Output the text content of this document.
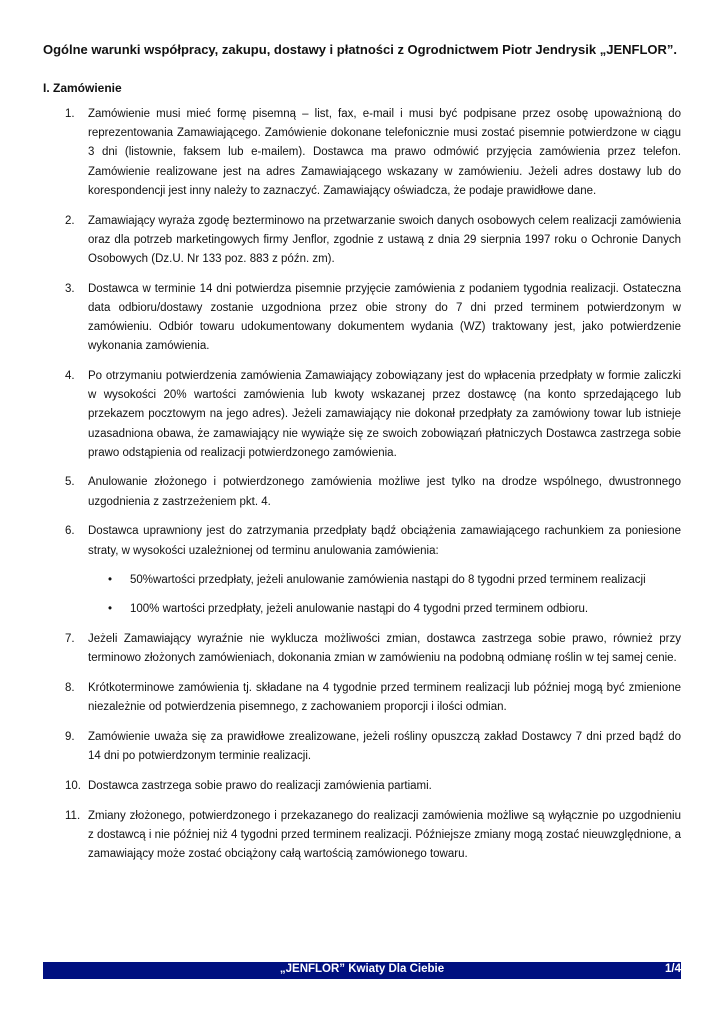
Ogólne warunki współpracy, zakupu, dostawy i płatności z Ogrodnictwem Piotr Jendrysik „JENFLOR”.
I. Zamówienie
1.	Zamówienie musi mieć formę pisemną – list, fax, e-mail i musi być podpisane przez osobę upoważnioną do reprezentowania Zamawiającego. Zamówienie dokonane telefonicznie musi zostać pisemnie potwierdzone w ciągu 3 dni (listownie, faksem lub e-mailem). Dostawca ma prawo odmówić przyjęcia zamówienia przez telefon. Zamówienie realizowane jest na adres Zamawiającego wskazany w zamówieniu. Jeżeli adres dostawy lub do korespondencji jest inny należy to zaznaczyć. Zamawiający oświadcza, że podaje prawidłowe dane.
2.	Zamawiający wyraża zgodę bezterminowo na przetwarzanie swoich danych osobowych celem realizacji zamówienia oraz dla potrzeb marketingowych firmy Jenflor, zgodnie z ustawą z dnia 29 sierpnia 1997 roku o Ochronie Danych Osobowych (Dz.U. Nr 133 poz. 883 z późn. zm).
3.	Dostawca w terminie 14 dni potwierdza pisemnie przyjęcie zamówienia z podaniem tygodnia realizacji. Ostateczna data odbioru/dostawy zostanie uzgodniona przez obie strony do 7 dni przed terminem potwierdzonym w zamówieniu. Odbiór towaru udokumentowany dokumentem wydania (WZ) traktowany jest, jako potwierdzenie wykonania zamówienia.
4.	Po otrzymaniu potwierdzenia zamówienia Zamawiający zobowiązany jest do wpłacenia przedpłaty w formie zaliczki w wysokości 20% wartości zamówienia lub kwoty wskazanej przez dostawcę (na konto sprzedającego lub przekazem pocztowym na jego adres). Jeżeli zamawiający nie dokonał przedpłaty za zamówiony towar lub istnieje uzasadniona obawa, że zamawiający nie wywiąże się ze swoich zobowiązań płatniczych Dostawca zastrzega sobie prawo odstąpienia od realizacji potwierdzonego zamówienia.
5.	Anulowanie złożonego i potwierdzonego zamówienia możliwe jest tylko na drodze wspólnego, dwustronnego uzgodnienia z zastrzeżeniem pkt. 4.
6.	Dostawca uprawniony jest do zatrzymania przedpłaty bądź obciążenia zamawiającego rachunkiem za poniesione straty, w wysokości uzależnionej od terminu anulowania zamówienia:
• 50%wartości przedpłaty, jeżeli anulowanie zamówienia nastąpi do 8 tygodni przed terminem realizacji
• 100% wartości przedpłaty, jeżeli anulowanie nastąpi do 4 tygodni przed terminem odbioru.
7.	Jeżeli Zamawiający wyraźnie nie wyklucza możliwości zmian, dostawca zastrzega sobie prawo, również przy terminowo złożonych zamówieniach, dokonania zmian w zamówieniu na podobną odmianę roślin w tej samej cenie.
8.	Krótkoterminowe zamówienia tj. składane na 4 tygodnie przed terminem realizacji lub później mogą być zmienione niezależnie od potwierdzenia pisemnego, z zachowaniem proporcji i ilości odmian.
9.	Zamówienie uważa się za prawidłowe zrealizowane, jeżeli rośliny opuszczą zakład Dostawcy 7 dni przed bądź do 14 dni po potwierdzonym terminie realizacji.
10. Dostawca zastrzega sobie prawo do realizacji zamówienia partiami.
11. Zmiany złożonego, potwierdzonego i przekazanego do realizacji zamówienia możliwe są wyłącznie po uzgodnieniu z dostawcą i nie później niż 4 tygodni przed terminem realizacji. Późniejsze zmiany mogą zostać nieuwzględnione, a zamawiający może zostać obciążony całą wartością zamówionego towaru.
„JENFLOR” Kwiaty Dla Ciebie	1/4
